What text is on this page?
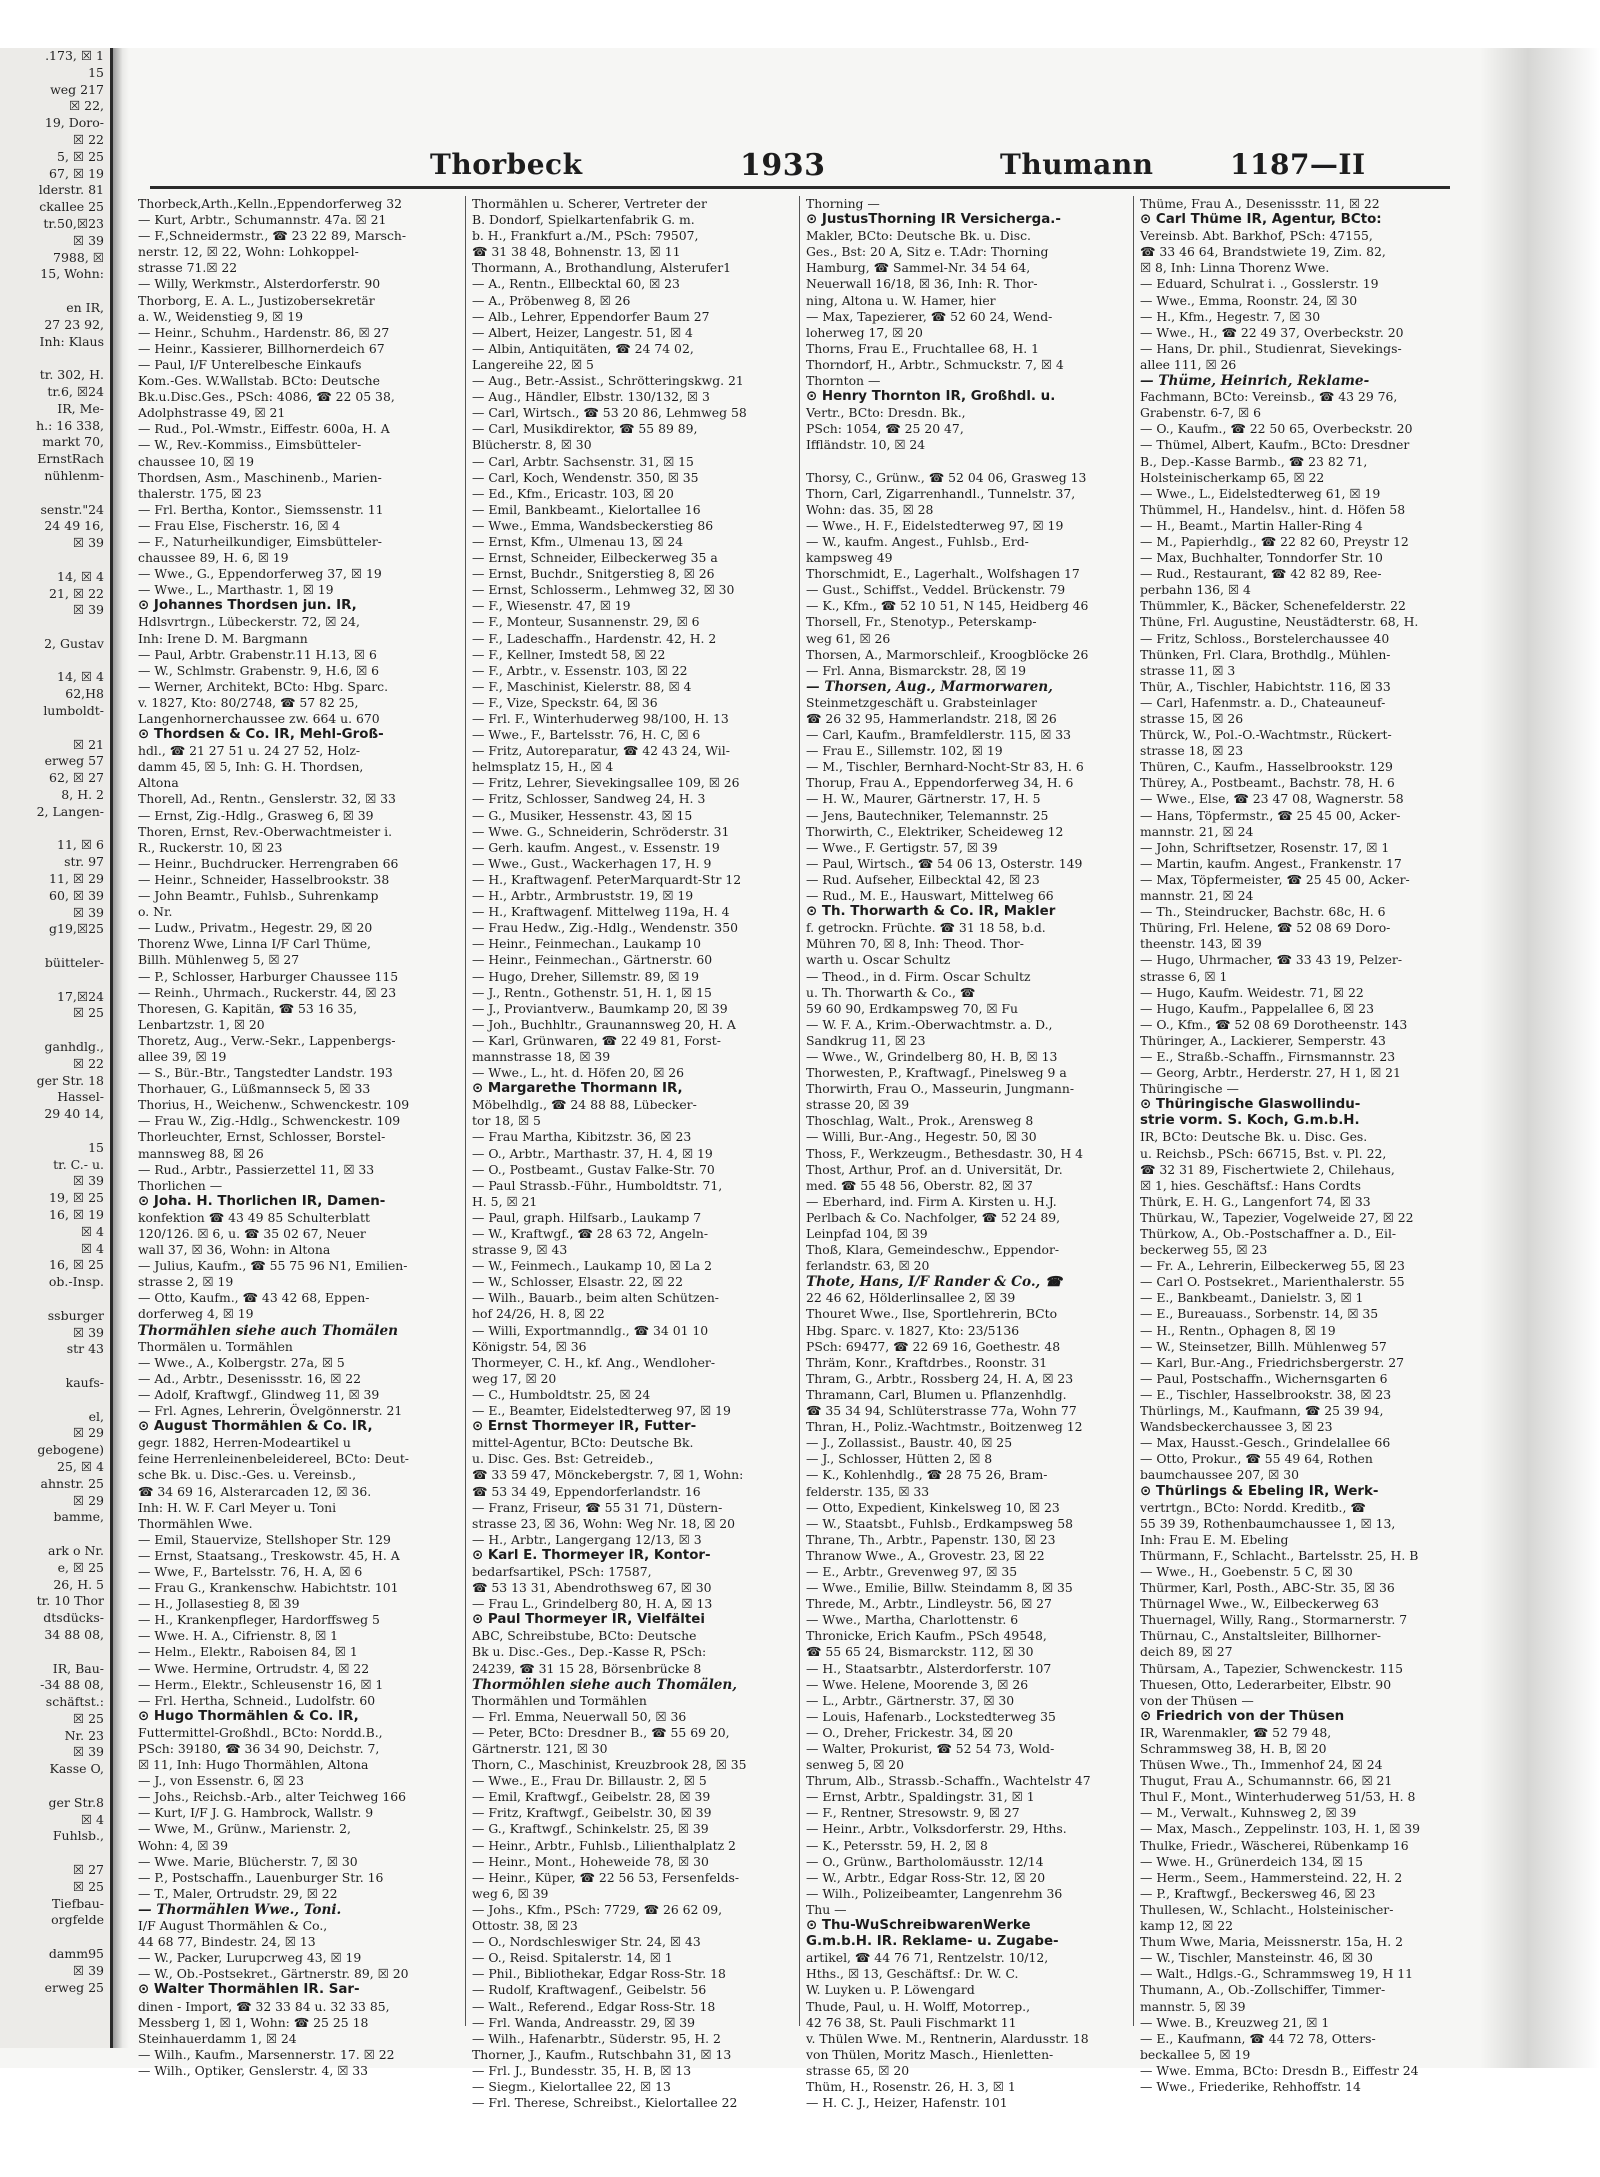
.173, ☒ 1
15
weg 217
☒ 22,
19, Doro-
☒ 22
5, ☒ 25
67, ☒ 19
lderstr. 81
ckallee 25
tr.50,☒23
☒ 39
7988, ☒
15, Wohn:

en IR,
27 23 92,
Inh: Klaus

tr. 302, H.
tr.6, ☒24
IR, Me-
h.: 16 338,
markt 70,
ErnstRach
nühlenm-

senstr."24
24 49 16,
☒ 39

14, ☒ 4
21, ☒ 22
☒ 39

2, Gustav

14, ☒ 4
62,H8
lumboldt-

☒ 21
erweg 57
62, ☒ 27
8, H. 2
2, Langen-

11, ☒ 6
str. 97
11, ☒ 29
60, ☒ 39
☒ 39
g19,☒25

büitteler-

17,☒24
☒ 25

ganhdlg.,
☒ 22
ger Str. 18
Hassel-
29 40 14,

15
tr. C.- u.
☒ 39
19, ☒ 25
16, ☒ 19
☒ 4
☒ 4
16, ☒ 25
ob.-Insp.

ssburger
☒ 39
str 43

kaufs-

el,
☒ 29
gebogene)
25, ☒ 4
ahnstr. 25
☒ 29
bamme,

ark o Nr.
e, ☒ 25
26, H. 5
tr. 10 Thor
dtsdücks-
34 88 08,

IR, Bau-
-34 88 08,
schäftst.:
☒ 25
Nr. 23
☒ 39
Kasse O,

ger Str.8
☒ 4
Fuhlsb.,

☒ 27
☒ 25
Tiefbau-
orgfelde

damm95
☒ 39
erweg 25
Thorbeck	1933	Thumann	1187—II
Thorbeck,Arth.,Kelln.,Eppendorferweg 32
— Kurt, Arbtr., Schumannstr. 47a. ☒ 21
— F.,Schneidermstr., ☎ 23 22 89, Marsch-
nerstr. 12, ☒ 22, Wohn: Lohkoppel-
strasse 71.☒ 22
— Willy, Werkmstr., Alsterdorferstr. 90
Thorborg, E. A. L., Justizobersekretär
a. W., Weidenstieg 9, ☒ 19
— Heinr., Schuhm., Hardenstr. 86, ☒ 27
— Heinr., Kassierer, Billhornerdeich 67
— Paul, I/F Unterelbesche Einkaufs
Kom.-Ges. W.Wallstab. BCto: Deutsche
Bk.u.Disc.Ges., PSch: 4086, ☎ 22 05 38,
Adolphstrasse 49, ☒ 21
— Rud., Pol.-Wmstr., Eiffestr. 600a, H. A
— W., Rev.-Kommiss., Eimsbütteler-
chaussee 10, ☒ 19
Thordsen, Asm., Maschinenb., Marien-
thalerstr. 175, ☒ 23
— Frl. Bertha, Kontor., Siemssenstr. 11
— Frau Else, Fischerstr. 16, ☒ 4
— F., Naturheilkundiger, Eimsbütteler-
chaussee 89, H. 6, ☒ 19
— Wwe., G., Eppendorferweg 37, ☒ 19
— Wwe., L., Marthastr. 1, ☒ 19
⊙ Johannes Thordsen jun. IR,
Hdlsvrtrgn., Lübeckerstr. 72, ☒ 24,
Inh: Irene D. M. Bargmann
— Paul, Arbtr. Grabenstr.11 H.13, ☒ 6
— W., Schlmstr. Grabenstr. 9, H.6, ☒ 6
— Werner, Architekt, BCto: Hbg. Sparc.
v. 1827, Kto: 80/2748, ☎ 57 82 25,
Langenhornerchaussee zw. 664 u. 670
⊙ Thordsen & Co. IR, Mehl-Groß-
hdl., ☎ 21 27 51 u. 24 27 52, Holz-
damm 45, ☒ 5, Inh: G. H. Thordsen,
Altona
Thorell, Ad., Rentn., Genslerstr. 32, ☒ 33
— Ernst, Zig.-Hdlg., Grasweg 6, ☒ 39
Thoren, Ernst, Rev.-Oberwachtmeister i.
R., Ruckerstr. 10, ☒ 23
— Heinr., Buchdrucker. Herrengraben 66
— Heinr., Schneider, Hasselbrookstr. 38
— John Beamtr., Fuhlsb., Suhrenkamp
o. Nr.
— Ludw., Privatm., Hegestr. 29, ☒ 20
Thorenz Wwe, Linna I/F Carl Thüme,
Billh. Mühlenweg 5, ☒ 27
— P., Schlosser, Harburger Chaussee 115
— Reinh., Uhrmach., Ruckerstr. 44, ☒ 23
Thoresen, G. Kapitän, ☎ 53 16 35,
Lenbartzstr. 1, ☒ 20
Thoretz, Aug., Verw.-Sekr., Lappenbergs-
allee 39, ☒ 19
— S., Bür.-Btr., Tangstedter Landstr. 193
Thorhauer, G., Lüßmannseck 5, ☒ 33
Thorius, H., Weichenw., Schwenckestr. 109
— Frau W., Zig.-Hdlg., Schwenckestr. 109
Thorleuchter, Ernst, Schlosser, Borstel-
mannsweg 88, ☒ 26
— Rud., Arbtr., Passierzettel 11, ☒ 33
Thorlichen —
⊙ Joha. H. Thorlichen IR, Damen-
konfektion ☎ 43 49 85 Schulterblatt
120/126. ☒ 6, u. ☎ 35 02 67, Neuer
wall 37, ☒ 36, Wohn: in Altona
— Julius, Kaufm., ☎ 55 75 96 N1, Emilien-
strasse 2, ☒ 19
— Otto, Kaufm., ☎ 43 42 68, Eppen-
dorferweg 4, ☒ 19
Thormählen siehe auch Thomälen
Thormälen u. Tormählen
— Wwe., A., Kolbergstr. 27a, ☒ 5
— Ad., Arbtr., Desenissstr. 16, ☒ 22
— Adolf, Kraftwgf., Glindweg 11, ☒ 39
— Frl. Agnes, Lehrerin, Övelgönnerstr. 21
⊙ August Thormählen & Co. IR,
gegr. 1882, Herren-Modeartikel u
feine Herrenleinenbeleidereel, BCto: Deut-
sche Bk. u. Disc.-Ges. u. Vereinsb.,
☎ 34 69 16, Alsterarcaden 12, ☒ 36.
Inh: H. W. F. Carl Meyer u. Toni
Thormählen Wwe.
— Emil, Stauervize, Stellshoper Str. 129
— Ernst, Staatsang., Treskowstr. 45, H. A
— Wwe, F., Bartelsstr. 76, H. A, ☒ 6
— Frau G., Krankenschw. Habichtstr. 101
— H., Jollasestieg 8, ☒ 39
— H., Krankenpfleger, Hardorffsweg 5
— Wwe. H. A., Cifrienstr. 8, ☒ 1
— Helm., Elektr., Raboisen 84, ☒ 1
— Wwe. Hermine, Ortrudstr. 4, ☒ 22
— Herm., Elektr., Schleusenstr 16, ☒ 1
— Frl. Hertha, Schneid., Ludolfstr. 60
⊙ Hugo Thormählen & Co. IR,
Futtermittel-Großhdl., BCto: Nordd.B.,
PSch: 39180, ☎ 36 34 90, Deichstr. 7,
☒ 11, Inh: Hugo Thormählen, Altona
— J., von Essenstr. 6, ☒ 23
— Johs., Reichsb.-Arb., alter Teichweg 166
— Kurt, I/F J. G. Hambrock, Wallstr. 9
— Wwe, M., Grünw., Marienstr. 2,
Wohn: 4, ☒ 39
— Wwe. Marie, Blücherstr. 7, ☒ 30
— P., Postschaffn., Lauenburger Str. 16
— T., Maler, Ortrudstr. 29, ☒ 22
— Thormählen Wwe., Toni.
I/F August Thormählen & Co.,
44 68 77, Bindestr. 24, ☒ 13
— W., Packer, Lurupcrweg 43, ☒ 19
— W., Ob.-Postsekret., Gärtnerstr. 89, ☒ 20
⊙ Walter Thormählen IR. Sar-
dinen - Import, ☎ 32 33 84 u. 32 33 85,
Messberg 1, ☒ 1, Wohn: ☎ 25 25 18
Steinhauerdamm 1, ☒ 24
— Wilh., Kaufm., Marsennerstr. 17. ☒ 22
— Wilh., Optiker, Genslerstr. 4, ☒ 33
Thormählen u. Scherer, Vertreter der
B. Dondorf, Spielkartenfabrik G. m.
b. H., Frankfurt a./M., PSch: 79507,
☎ 31 38 48, Bohnenstr. 13, ☒ 11
Thormann, A., Brothandlung, Alsterufer1
— A., Rentn., Ellbecktal 60, ☒ 23
— A., Pröbenweg 8, ☒ 26
— Alb., Lehrer, Eppendorfer Baum 27
— Albert, Heizer, Langestr. 51, ☒ 4
— Albin, Antiquitäten, ☎ 24 74 02,
Langereihe 22, ☒ 5
— Aug., Betr.-Assist., Schrötteringskwg. 21
— Aug., Händler, Elbstr. 130/132, ☒ 3
— Carl, Wirtsch., ☎ 53 20 86, Lehmweg 58
— Carl, Musikdirektor, ☎ 55 89 89,
Blücherstr. 8, ☒ 30
— Carl, Arbtr. Sachsenstr. 31, ☒ 15
— Carl, Koch, Wendenstr. 350, ☒ 35
— Ed., Kfm., Ericastr. 103, ☒ 20
— Emil, Bankbeamt., Kielortallee 16
— Wwe., Emma, Wandsbeckerstieg 86
— Ernst, Kfm., Ulmenau 13, ☒ 24
— Ernst, Schneider, Eilbeckerweg 35 a
— Ernst, Buchdr., Snitgerstieg 8, ☒ 26
— Ernst, Schlosserm., Lehmweg 32, ☒ 30
— F., Wiesenstr. 47, ☒ 19
— F., Monteur, Susannenstr. 29, ☒ 6
— F., Ladeschaffn., Hardenstr. 42, H. 2
— F., Kellner, Imstedt 58, ☒ 22
— F., Arbtr., v. Essenstr. 103, ☒ 22
— F., Maschinist, Kielerstr. 88, ☒ 4
— F., Vize, Speckstr. 64, ☒ 36
— Frl. F., Winterhuderweg 98/100, H. 13
— Wwe., F., Bartelsstr. 76, H. C, ☒ 6
— Fritz, Autoreparatur, ☎ 42 43 24, Wil-
helmsplatz 15, H., ☒ 4
— Fritz, Lehrer, Sievekingsallee 109, ☒ 26
— Fritz, Schlosser, Sandweg 24, H. 3
— G., Musiker, Hessenstr. 43, ☒ 15
— Wwe. G., Schneiderin, Schröderstr. 31
— Gerh. kaufm. Angest., v. Essenstr. 19
— Wwe., Gust., Wackerhagen 17, H. 9
— H., Kraftwagenf. PeterMarquardt-Str 12
— H., Arbtr., Armbruststr. 19, ☒ 19
— H., Kraftwagenf. Mittelweg 119a, H. 4
— Frau Hedw., Zig.-Hdlg., Wendenstr. 350
— Heinr., Feinmechan., Laukamp 10
— Heinr., Feinmechan., Gärtnerstr. 60
— Hugo, Dreher, Sillemstr. 89, ☒ 19
— J., Rentn., Gothenstr. 51, H. 1, ☒ 15
— J., Proviantverw., Baumkamp 20, ☒ 39
— Joh., Buchhltr., Graunannsweg 20, H. A
— Karl, Grünwaren, ☎ 22 49 81, Forst-
mannstrasse 18, ☒ 39
— Wwe., L., ht. d. Höfen 20, ☒ 26
⊙ Margarethe Thormann IR,
Möbelhdlg., ☎ 24 88 88, Lübecker-
tor 18, ☒ 5
— Frau Martha, Kibitzstr. 36, ☒ 23
— O., Arbtr., Marthastr. 37, H. 4, ☒ 19
— O., Postbeamt., Gustav Falke-Str. 70
— Paul Strassb.-Führ., Humboldtstr. 71,
H. 5, ☒ 21
— Paul, graph. Hilfsarb., Laukamp 7
— W., Kraftwgf., ☎ 28 63 72, Angeln-
strasse 9, ☒ 43
— W., Feinmech., Laukamp 10, ☒ La 2
— W., Schlosser, Elsastr. 22, ☒ 22
— Wilh., Bauarb., beim alten Schützen-
hof 24/26, H. 8, ☒ 22
— Willi, Exportmanndlg., ☎ 34 01 10
Königstr. 54, ☒ 36
Thormeyer, C. H., kf. Ang., Wendloher-
weg 17, ☒ 20
— C., Humboldtstr. 25, ☒ 24
— E., Beamter, Eidelstedterweg 97, ☒ 19
⊙ Ernst Thormeyer IR, Futter-
mittel-Agentur, BCto: Deutsche Bk.
u. Disc. Ges. Bst: Getreideb.,
☎ 33 59 47, Mönckebergstr. 7, ☒ 1, Wohn:
☎ 53 34 49, Eppendorferlandstr. 16
— Franz, Friseur, ☎ 55 31 71, Düstern-
strasse 23, ☒ 36, Wohn: Weg Nr. 18, ☒ 20
— H., Arbtr., Langergang 12/13, ☒ 3
⊙ Karl E. Thormeyer IR, Kontor-
bedarfsartikel, PSch: 17587,
☎ 53 13 31, Abendrothsweg 67, ☒ 30
— Frau L., Grindelberg 80, H. A, ☒ 13
⊙ Paul Thormeyer IR, Vielfältei
ABC, Schreibstube, BCto: Deutsche
Bk u. Disc.-Ges., Dep.-Kasse R, PSch:
24239, ☎ 31 15 28, Börsenbrücke 8
Thormöhlen siehe auch Thomälen,
Thormählen und Tormählen
— Frl. Emma, Neuerwall 50, ☒ 36
— Peter, BCto: Dresdner B., ☎ 55 69 20,
Gärtnerstr. 121, ☒ 30
Thorn, C., Maschinist, Kreuzbrook 28, ☒ 35
— Wwe., E., Frau Dr. Billaustr. 2, ☒ 5
— Emil, Kraftwgf., Geibelstr. 28, ☒ 39
— Fritz, Kraftwgf., Geibelstr. 30, ☒ 39
— G., Kraftwgf., Schinkelstr. 25, ☒ 39
— Heinr., Arbtr., Fuhlsb., Lilienthalplatz 2
— Heinr., Mont., Hoheweide 78, ☒ 30
— Heinr., Küper, ☎ 22 56 53, Fersenfelds-
weg 6, ☒ 39
— Johs., Kfm., PSch: 7729, ☎ 26 62 09,
Ottostr. 38, ☒ 23
— O., Nordschleswiger Str. 24, ☒ 43
— O., Reisd. Spitalerstr. 14, ☒ 1
— Phil., Bibliothekar, Edgar Ross-Str. 18
— Rudolf, Kraftwagenf., Geibelstr. 56
— Walt., Referend., Edgar Ross-Str. 18
— Frl. Wanda, Andreasstr. 29, ☒ 39
— Wilh., Hafenarbtr., Süderstr. 95, H. 2
Thorner, J., Kaufm., Rutschbahn 31, ☒ 13
— Frl. J., Bundesstr. 35, H. B, ☒ 13
— Siegm., Kielortallee 22, ☒ 13
— Frl. Therese, Schreibst., Kielortallee 22
Thorning —
⊙ JustusThorning IR Versicherga.-
Makler, BCto: Deutsche Bk. u. Disc.
Ges., Bst: 20 A, Sitz e. T.Adr: Thorning
Hamburg, ☎ Sammel-Nr. 34 54 64,
Neuerwall 16/18, ☒ 36, Inh: R. Thor-
ning, Altona u. W. Hamer, hier
— Max, Tapezierer, ☎ 52 60 24, Wend-
loherweg 17, ☒ 20
Thorns, Frau E., Fruchtallee 68, H. 1
Thorndorf, H., Arbtr., Schmuckstr. 7, ☒ 4
Thornton —
⊙ Henry Thornton IR, Großhdl. u.
Vertr., BCto: Dresdn. Bk.,
PSch: 1054, ☎ 25 20 47,
Iffländstr. 10, ☒ 24

Thorsy, C., Grünw., ☎ 52 04 06, Grasweg 13
Thorn, Carl, Zigarrenhandl., Tunnelstr. 37,
Wohn: das. 35, ☒ 28
— Wwe., H. F., Eidelstedterweg 97, ☒ 19
— W., kaufm. Angest., Fuhlsb., Erd-
kampsweg 49
Thorschmidt, E., Lagerhalt., Wolfshagen 17
— Gust., Schiffst., Veddel. Brückenstr. 79
— K., Kfm., ☎ 52 10 51, N 145, Heidberg 46
Thorsell, Fr., Stenotyp., Peterskamp-
weg 61, ☒ 26
Thorsen, A., Marmorschleif., Kroogblöcke 26
— Frl. Anna, Bismarckstr. 28, ☒ 19
— Thorsen, Aug., Marmorwaren,
Steinmetzgeschäft u. Grabsteinlager
☎ 26 32 95, Hammerlandstr. 218, ☒ 26
— Carl, Kaufm., Bramfeldlerstr. 115, ☒ 33
— Frau E., Sillemstr. 102, ☒ 19
— M., Tischler, Bernhard-Nocht-Str 83, H. 6
Thorup, Frau A., Eppendorferweg 34, H. 6
— H. W., Maurer, Gärtnerstr. 17, H. 5
— Jens, Bautechniker, Telemannstr. 25
Thorwirth, C., Elektriker, Scheideweg 12
— Wwe., F. Gertigstr. 57, ☒ 39
— Paul, Wirtsch., ☎ 54 06 13, Osterstr. 149
— Rud. Aufseher, Eilbecktal 42, ☒ 23
— Rud., M. E., Hauswart, Mittelweg 66
⊙ Th. Thorwarth & Co. IR, Makler
f. getrockn. Früchte. ☎ 31 18 58, b.d.
Mühren 70, ☒ 8, Inh: Theod. Thor-
warth u. Oscar Schultz
— Theod., in d. Firm. Oscar Schultz
u. Th. Thorwarth & Co., ☎
59 60 90, Erdkampsweg 70, ☒ Fu
— W. F. A., Krim.-Oberwachtmstr. a. D.,
Sandkrug 11, ☒ 23
— Wwe., W., Grindelberg 80, H. B, ☒ 13
Thorwesten, P., Kraftwagf., Pinelsweg 9 a
Thorwirth, Frau O., Masseurin, Jungmann-
strasse 20, ☒ 39
Thoschlag, Walt., Prok., Arensweg 8
— Willi, Bur.-Ang., Hegestr. 50, ☒ 30
Thoss, F., Werkzeugm., Bethesdastr. 30, H 4
Thost, Arthur, Prof. an d. Universität, Dr.
med. ☎ 55 48 56, Oberstr. 82, ☒ 37
— Eberhard, ind. Firm A. Kirsten u. H.J.
Perlbach & Co. Nachfolger, ☎ 52 24 89,
Leinpfad 104, ☒ 39
Thoß, Klara, Gemeindeschw., Eppendor-
ferlandstr. 63, ☒ 20
Thote, Hans, I/F Rander & Co., ☎
22 46 62, Hölderlinsallee 2, ☒ 39
Thouret Wwe., Ilse, Sportlehrerin, BCto
Hbg. Sparc. v. 1827, Kto: 23/5136
PSch: 69477, ☎ 22 69 16, Goethestr. 48
Thräm, Konr., Kraftdrbes., Roonstr. 31
Thram, G., Arbtr., Rossberg 24, H. A, ☒ 23
Thramann, Carl, Blumen u. Pflanzenhdlg.
☎ 35 34 94, Schlüterstrasse 77a, Wohn 77
Thran, H., Poliz.-Wachtmstr., Boitzenweg 12
— J., Zollassist., Baustr. 40, ☒ 25
— J., Schlosser, Hütten 2, ☒ 8
— K., Kohlenhdlg., ☎ 28 75 26, Bram-
felderstr. 135, ☒ 33
— Otto, Expedient, Kinkelsweg 10, ☒ 23
— W., Staatsbt., Fuhlsb., Erdkampsweg 58
Thrane, Th., Arbtr., Papenstr. 130, ☒ 23
Thranow Wwe., A., Grovestr. 23, ☒ 22
— E., Arbtr., Grevenweg 97, ☒ 35
— Wwe., Emilie, Billw. Steindamm 8, ☒ 35
Threde, M., Arbtr., Lindleystr. 56, ☒ 27
— Wwe., Martha, Charlottenstr. 6
Thronicke, Erich Kaufm., PSch 49548,
☎ 55 65 24, Bismarckstr. 112, ☒ 30
— H., Staatsarbtr., Alsterdorferstr. 107
— Wwe. Helene, Moorende 3, ☒ 26
— L., Arbtr., Gärtnerstr. 37, ☒ 30
— Louis, Hafenarb., Lockstedterweg 35
— O., Dreher, Frickestr. 34, ☒ 20
— Walter, Prokurist, ☎ 52 54 73, Wold-
senweg 5, ☒ 20
Thrum, Alb., Strassb.-Schaffn., Wachtelstr 47
— Ernst, Arbtr., Spaldingstr. 31, ☒ 1
— F., Rentner, Stresowstr. 9, ☒ 27
— Heinr., Arbtr., Volksdorferstr. 29, Hths.
— K., Petersstr. 59, H. 2, ☒ 8
— O., Grünw., Bartholomäusstr. 12/14
— W., Arbtr., Edgar Ross-Str. 12, ☒ 20
— Wilh., Polizeibeamter, Langenrehm 36
Thu —
⊙ Thu-WuSchreibwarenWerke
G.m.b.H. IR. Reklame- u. Zugabe-
artikel, ☎ 44 76 71, Rentzelstr. 10/12,
Hths., ☒ 13, Geschäftsf.: Dr. W. C.
W. Luyken u. P. Löwengard
Thude, Paul, u. H. Wolff, Motorrep.,
42 76 38, St. Pauli Fischmarkt 11
v. Thülen Wwe. M., Rentnerin, Alardusstr. 18
von Thülen, Moritz Masch., Hienletten-
strasse 65, ☒ 20
Thüm, H., Rosenstr. 26, H. 3, ☒ 1
— H. C. J., Heizer, Hafenstr. 101
Thüme, Frau A., Desenissstr. 11, ☒ 22
⊙ Carl Thüme IR, Agentur, BCto:
Vereinsb. Abt. Barkhof, PSch: 47155,
☎ 33 46 64, Brandstwiete 19, Zim. 82,
☒ 8, Inh: Linna Thorenz Wwe.
— Eduard, Schulrat i. ., Gosslerstr. 19
— Wwe., Emma, Roonstr. 24, ☒ 30
— H., Kfm., Hegestr. 7, ☒ 30
— Wwe., H., ☎ 22 49 37, Overbeckstr. 20
— Hans, Dr. phil., Studienrat, Sievekings-
allee 111, ☒ 26
— Thüme, Heinrich, Reklame-
Fachmann, BCto: Vereinsb., ☎ 43 29 76,
Grabenstr. 6-7, ☒ 6
— O., Kaufm., ☎ 22 50 65, Overbeckstr. 20
— Thümel, Albert, Kaufm., BCto: Dresdner
B., Dep.-Kasse Barmb., ☎ 23 82 71,
Holsteinischerkamp 65, ☒ 22
— Wwe., L., Eidelstedterweg 61, ☒ 19
Thümmel, H., Handelsv., hint. d. Höfen 58
— H., Beamt., Martin Haller-Ring 4
— M., Papierhdlg., ☎ 22 82 60, Preystr 12
— Max, Buchhalter, Tonndorfer Str. 10
— Rud., Restaurant, ☎ 42 82 89, Ree-
perbahn 136, ☒ 4
Thümmler, K., Bäcker, Schenefelderstr. 22
Thüne, Frl. Augustine, Neustädterstr. 68, H.
— Fritz, Schloss., Borstelerchaussee 40
Thünken, Frl. Clara, Brothdlg., Mühlen-
strasse 11, ☒ 3
Thür, A., Tischler, Habichtstr. 116, ☒ 33
— Carl, Hafenmstr. a. D., Chateauneuf-
strasse 15, ☒ 26
Thürck, W., Pol.-O.-Wachtmstr., Rückert-
strasse 18, ☒ 23
Thüren, C., Kaufm., Hasselbrookstr. 129
Thürey, A., Postbeamt., Bachstr. 78, H. 6
— Wwe., Else, ☎ 23 47 08, Wagnerstr. 58
— Hans, Töpfermstr., ☎ 25 45 00, Acker-
mannstr. 21, ☒ 24
— John, Schriftsetzer, Rosenstr. 17, ☒ 1
— Martin, kaufm. Angest., Frankenstr. 17
— Max, Töpfermeister, ☎ 25 45 00, Acker-
mannstr. 21, ☒ 24
— Th., Steindrucker, Bachstr. 68c, H. 6
Thüring, Frl. Helene, ☎ 52 08 69 Doro-
theenstr. 143, ☒ 39
— Hugo, Uhrmacher, ☎ 33 43 19, Pelzer-
strasse 6, ☒ 1
— Hugo, Kaufm. Weidestr. 71, ☒ 22
— Hugo, Kaufm., Pappelallee 6, ☒ 23
— O., Kfm., ☎ 52 08 69 Dorotheenstr. 143
Thüringer, A., Lackierer, Semperstr. 43
— E., Straßb.-Schaffn., Firnsmannstr. 23
— Georg, Arbtr., Herderstr. 27, H 1, ☒ 21
Thüringische —
⊙ Thüringische Glaswollindu-
strie vorm. S. Koch, G.m.b.H.
IR, BCto: Deutsche Bk. u. Disc. Ges.
u. Reichsb., PSch: 66715, Bst. v. Pl. 22,
☎ 32 31 89, Fischertwiete 2, Chilehaus,
☒ 1, hies. Geschäftsf.: Hans Cordts
Thürk, E. H. G., Langenfort 74, ☒ 33
Thürkau, W., Tapezier, Vogelweide 27, ☒ 22
Thürkow, A., Ob.-Postschaffner a. D., Eil-
beckerweg 55, ☒ 23
— Fr. A., Lehrerin, Eilbeckerweg 55, ☒ 23
— Carl O. Postsekret., Marienthalerstr. 55
— E., Bankbeamt., Danielstr. 3, ☒ 1
— E., Bureauass., Sorbenstr. 14, ☒ 35
— H., Rentn., Ophagen 8, ☒ 19
— W., Steinsetzer, Billh. Mühlenweg 57
— Karl, Bur.-Ang., Friedrichsbergerstr. 27
— Paul, Postschaffn., Wichernsgarten 6
— E., Tischler, Hasselbrookstr. 38, ☒ 23
Thürlings, M., Kaufmann, ☎ 25 39 94,
Wandsbeckerchaussee 3, ☒ 23
— Max, Hausst.-Gesch., Grindelallee 66
— Otto, Prokur., ☎ 55 49 64, Rothen
baumchaussee 207, ☒ 30
⊙ Thürlings & Ebeling IR, Werk-
vertrtgn., BCto: Nordd. Kreditb., ☎
55 39 39, Rothenbaumchaussee 1, ☒ 13,
Inh: Frau E. M. Ebeling
Thürmann, F., Schlacht., Bartelsstr. 25, H. B
— Wwe., H., Goebenstr. 5 C, ☒ 30
Thürmer, Karl, Posth., ABC-Str. 35, ☒ 36
Thürnagel Wwe., W., Eilbeckerweg 63
Thuernagel, Willy, Rang., Stormarnerstr. 7
Thürnau, C., Anstaltsleiter, Billhorner-
deich 89, ☒ 27
Thürsam, A., Tapezier, Schwenckestr. 115
Thuesen, Otto, Lederarbeiter, Elbstr. 90
von der Thüsen —
⊙ Friedrich von der Thüsen
IR, Warenmakler, ☎ 52 79 48,
Schrammsweg 38, H. B, ☒ 20
Thüsen Wwe., Th., Immenhof 24, ☒ 24
Thugut, Frau A., Schumannstr. 66, ☒ 21
Thul F., Mont., Winterhuderweg 51/53, H. 8
— M., Verwalt., Kuhnsweg 2, ☒ 39
— Max, Masch., Zeppelinstr. 103, H. 1, ☒ 39
Thulke, Friedr., Wäscherei, Rübenkamp 16
— Wwe. H., Grünerdeich 134, ☒ 15
— Herm., Seem., Hammersteind. 22, H. 2
— P., Kraftwgf., Beckersweg 46, ☒ 23
Thullesen, W., Schlacht., Holsteinischer-
kamp 12, ☒ 22
Thum Wwe, Maria, Meissnerstr. 15a, H. 2
— W., Tischler, Mansteinstr. 46, ☒ 30
— Walt., Hdlgs.-G., Schrammsweg 19, H 11
Thumann, A., Ob.-Zollschiffer, Timmer-
mannstr. 5, ☒ 39
— Wwe. B., Kreuzweg 21, ☒ 1
— E., Kaufmann, ☎ 44 72 78, Otters-
beckallee 5, ☒ 19
— Wwe. Emma, BCto: Dresdn B., Eiffestr 24
— Wwe., Friederike, Rehhoffstr. 14
